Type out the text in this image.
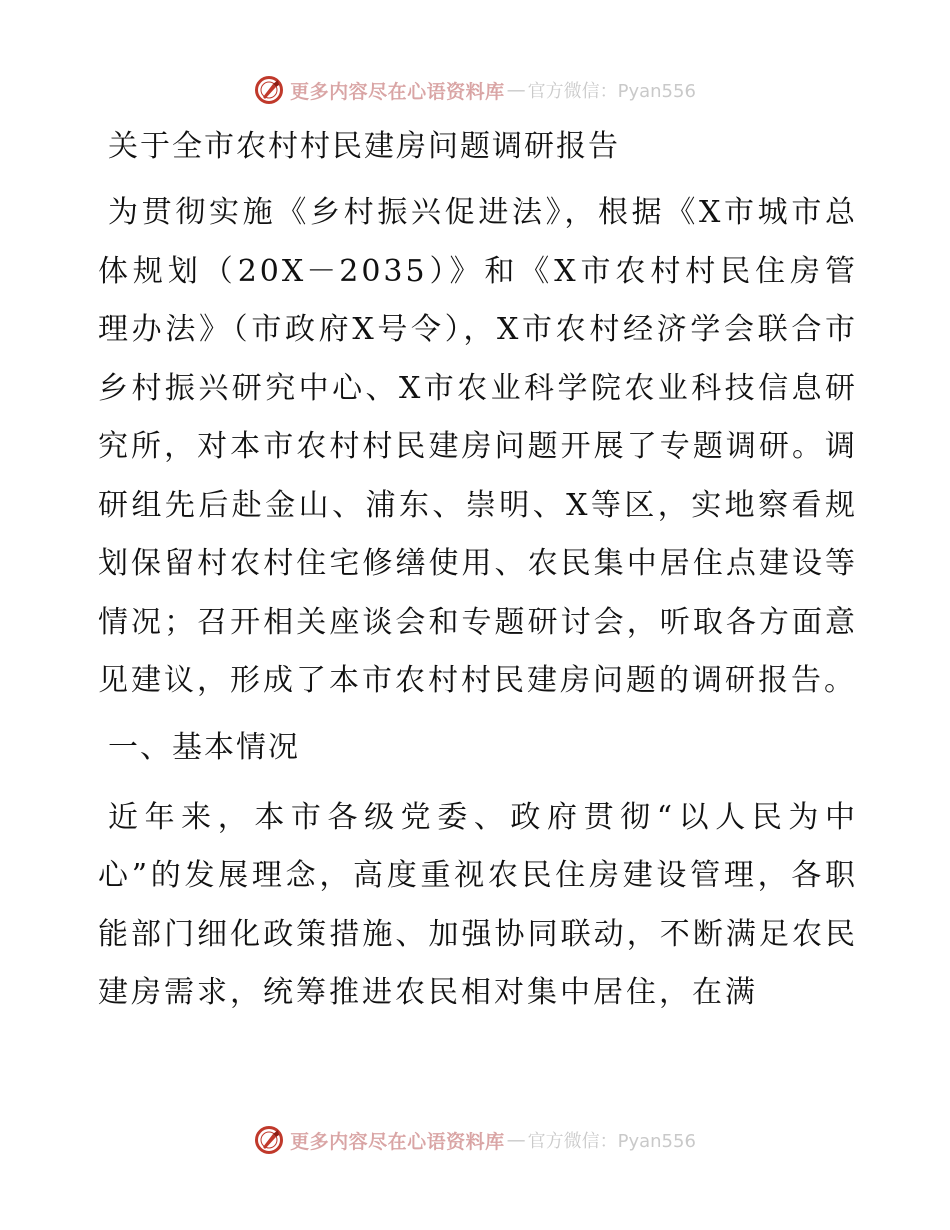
更多内容尽在心语资料库 — 官方微信：Pyan556
关于全市农村村民建房问题调研报告

为贯彻实施《乡村振兴促进法》，根据《X市城市总体规划（20X－2035）》和《X市农村村民住房管理办法》（市政府X号令），X市农村经济学会联合市乡村振兴研究中心、X市农业科学院农业科技信息研究所，对本市农村村民建房问题开展了专题调研。调研组先后赴金山、浦东、崇明、X等区，实地察看规划保留村农村住宅修缮使用、农民集中居住点建设等情况；召开相关座谈会和专题研讨会，听取各方面意见建议，形成了本市农村村民建房问题的调研报告。

一、基本情况

近年来，本市各级党委、政府贯彻“以人民为中心”的发展理念，高度重视农民住房建设管理，各职能部门细化政策措施、加强协同联动，不断满足农民建房需求，统筹推进农民相对集中居住，在满

更多内容尽在心语资料库 — 官方微信：Pyan556
